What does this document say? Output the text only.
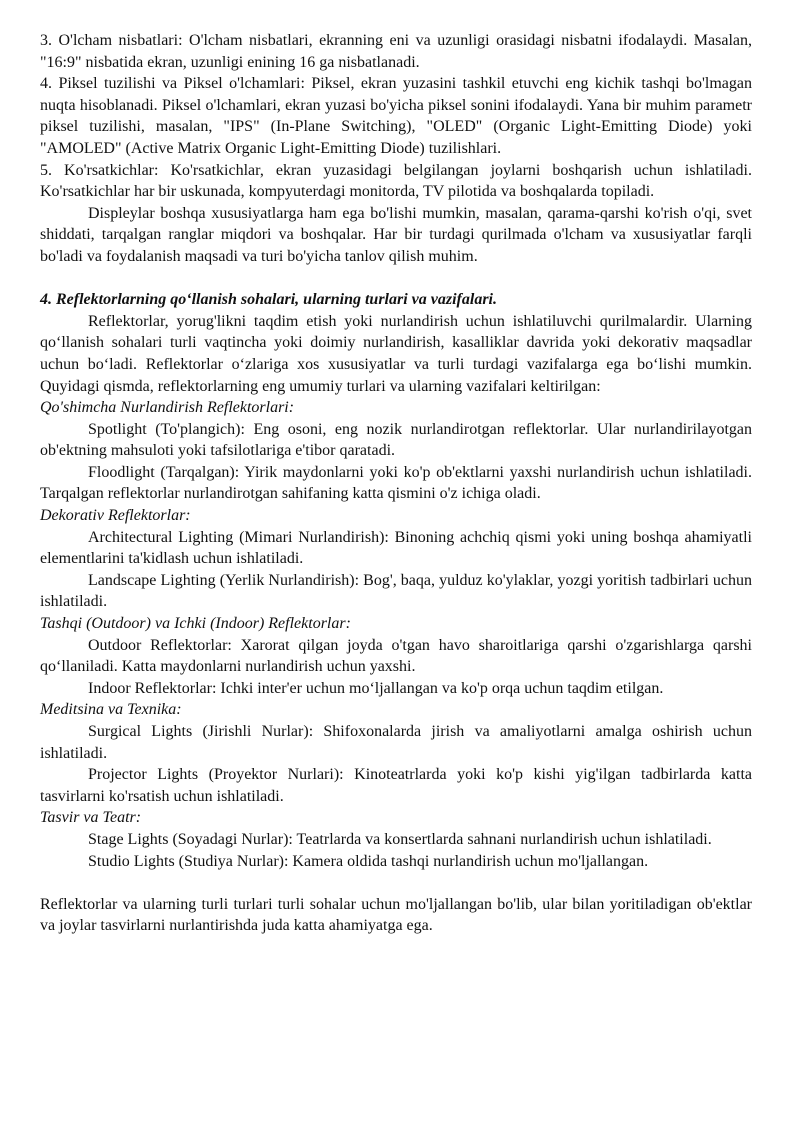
3. O'lcham nisbatlari: O'lcham nisbatlari, ekranning eni va uzunligi orasidagi nisbatni ifodalaydi. Masalan, "16:9" nisbatida ekran, uzunligi enining 16 ga nisbatlanadi.

4. Piksel tuzilishi va Piksel o'lchamlari: Piksel, ekran yuzasini tashkil etuvchi eng kichik tashqi bo'lmagan nuqta hisoblanadi. Piksel o'lchamlari, ekran yuzasi bo'yicha piksel sonini ifodalaydi. Yana bir muhim parametr piksel tuzilishi, masalan, "IPS" (In-Plane Switching), "OLED" (Organic Light-Emitting Diode) yoki "AMOLED" (Active Matrix Organic Light-Emitting Diode) tuzilishlari.

5. Ko'rsatkichlar: Ko'rsatkichlar, ekran yuzasidagi belgilangan joylarni boshqarish uchun ishlatiladi. Ko'rsatkichlar har bir uskunada, kompyuterdagi monitorda, TV pilotida va boshqalarda topiladi.

Displeylar boshqa xususiyatlarga ham ega bo'lishi mumkin, masalan, qarama-qarshi ko'rish o'qi, svet shiddati, tarqalgan ranglar miqdori va boshqalar. Har bir turdagi qurilmada o'lcham va xususiyatlar farqli bo'ladi va foydalanish maqsadi va turi bo'yicha tanlov qilish muhim.

4. Reflektorlarning qo‘llanish sohalari, ularning turlari va vazifalari.

Reflektorlar, yorug'likni taqdim etish yoki nurlandirish uchun ishlatiluvchi qurilmalardir. Ularning qo‘llanish sohalari turli vaqtincha yoki doimiy nurlandirish, kasalliklar davrida yoki dekorativ maqsadlar uchun bo‘ladi. Reflektorlar o‘zlariga xos xususiyatlar va turli turdagi vazifalarga ega bo‘lishi mumkin. Quyidagi qismda, reflektorlarning eng umumiy turlari va ularning vazifalari keltirilgan:

Qo'shimcha Nurlandirish Reflektorlari:

Spotlight (To'plangich): Eng osoni, eng nozik nurlandirotgan reflektorlar. Ular nurlandirilayotgan ob'ektning mahsuloti yoki tafsilotlariga e'tibor qaratadi.

Floodlight (Tarqalgan): Yirik maydonlarni yoki ko'p ob'ektlarni yaxshi nurlandirish uchun ishlatiladi. Tarqalgan reflektorlar nurlandirotgan sahifaning katta qismini o'z ichiga oladi.

Dekorativ Reflektorlar:

Architectural Lighting (Mimari Nurlandirish): Binoning achchiq qismi yoki uning boshqa ahamiyatli elementlarini ta'kidlash uchun ishlatiladi.

Landscape Lighting (Yerlik Nurlandirish): Bog', baqa, yulduz ko'ylaklar, yozgi yoritish tadbirlari uchun ishlatiladi.

Tashqi (Outdoor) va Ichki (Indoor) Reflektorlar:

Outdoor Reflektorlar: Xarorat qilgan joyda o'tgan havo sharoitlariga qarshi o'zgarishlarga qarshi qo‘llaniladi. Katta maydonlarni nurlandirish uchun yaxshi.

Indoor Reflektorlar: Ichki inter'er uchun mo‘ljallangan va ko'p orqa uchun taqdim etilgan.

Meditsina va Texnika:

Surgical Lights (Jirishli Nurlar): Shifoxonalarda jirish va amaliyotlarni amalga oshirish uchun ishlatiladi.

Projector Lights (Proyektor Nurlari): Kinoteatrlarda yoki ko'p kishi yig'ilgan tadbirlarda katta tasvirlarni ko'rsatish uchun ishlatiladi.

Tasvir va Teatr:

Stage Lights (Soyadagi Nurlar): Teatrlarda va konsertlarda sahnani nurlandirish uchun ishlatiladi.

Studio Lights (Studiya Nurlar): Kamera oldida tashqi nurlandirish uchun mo'ljallangan.

Reflektorlar va ularning turli turlari turli sohalar uchun mo'ljallangan bo'lib, ular bilan yoritiladigan ob'ektlar va joylar tasvirlarni nurlantirishda juda katta ahamiyatga ega.
